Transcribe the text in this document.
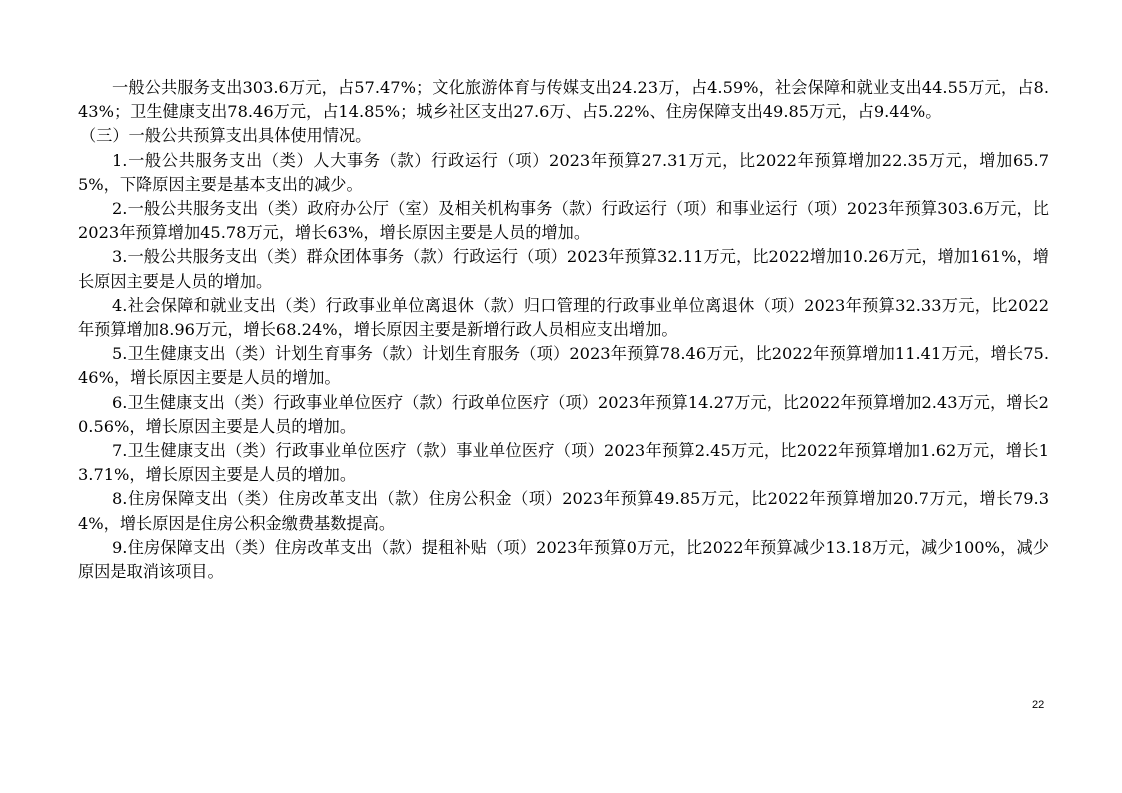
一般公共服务支出303.6万元，占57.47%；文化旅游体育与传媒支出24.23万，占4.59%，社会保障和就业支出44.55万元，占8.43%；卫生健康支出78.46万元，占14.85%；城乡社区支出27.6万、占5.22%、住房保障支出49.85万元，占9.44%。

（三）一般公共预算支出具体使用情况。

1.一般公共服务支出（类）人大事务（款）行政运行（项）2023年预算27.31万元，比2022年预算增加22.35万元，增加65.75%，下降原因主要是基本支出的减少。

2.一般公共服务支出（类）政府办公厅（室）及相关机构事务（款）行政运行（项）和事业运行（项）2023年预算303.6万元，比2023年预算增加45.78万元，增长63%，增长原因主要是人员的增加。

3.一般公共服务支出（类）群众团体事务（款）行政运行（项）2023年预算32.11万元，比2022增加10.26万元，增加161%，增长原因主要是人员的增加。

4.社会保障和就业支出（类）行政事业单位离退休（款）归口管理的行政事业单位离退休（项）2023年预算32.33万元，比2022年预算增加8.96万元，增长68.24%，增长原因主要是新增行政人员相应支出增加。

5.卫生健康支出（类）计划生育事务（款）计划生育服务（项）2023年预算78.46万元，比2022年预算增加11.41万元，增长75.46%，增长原因主要是人员的增加。

6.卫生健康支出（类）行政事业单位医疗（款）行政单位医疗（项）2023年预算14.27万元，比2022年预算增加2.43万元，增长20.56%，增长原因主要是人员的增加。

7.卫生健康支出（类）行政事业单位医疗（款）事业单位医疗（项）2023年预算2.45万元，比2022年预算增加1.62万元，增长13.71%，增长原因主要是人员的增加。

8.住房保障支出（类）住房改革支出（款）住房公积金（项）2023年预算49.85万元，比2022年预算增加20.7万元，增长79.34%，增长原因是住房公积金缴费基数提高。

9.住房保障支出（类）住房改革支出（款）提租补贴（项）2023年预算0万元，比2022年预算减少13.18万元，减少100%，减少原因是取消该项目。

22
